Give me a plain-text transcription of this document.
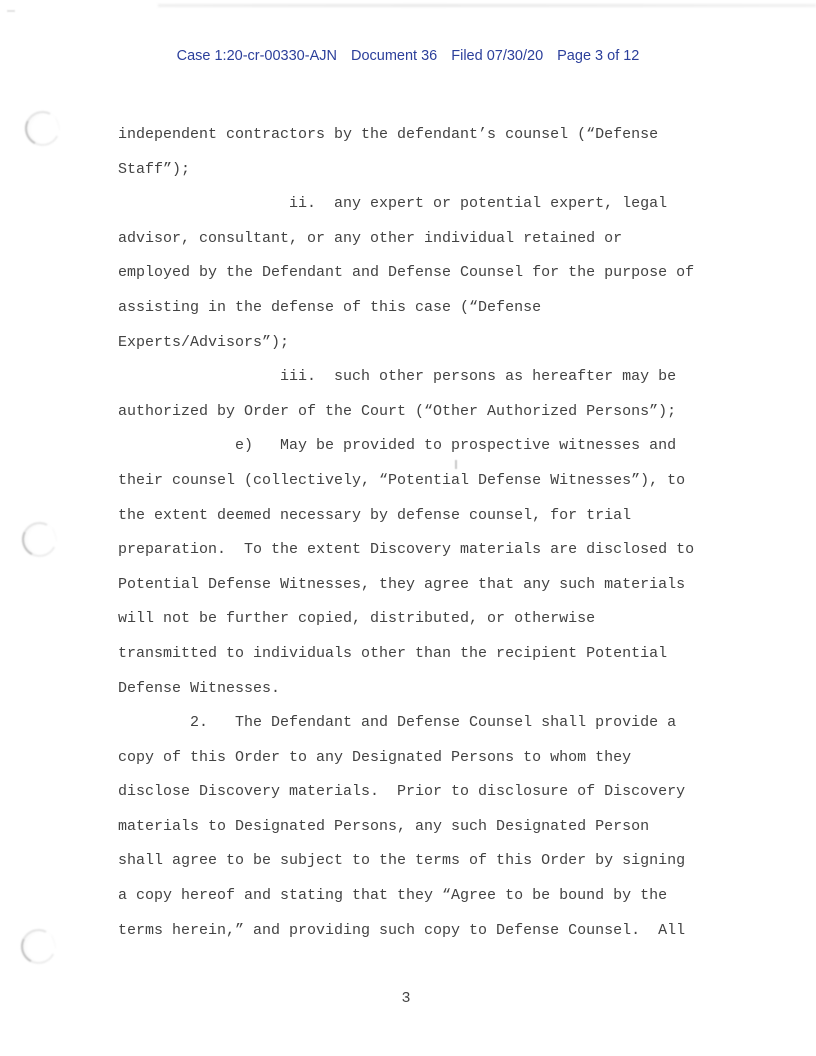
Case 1:20-cr-00330-AJN Document 36 Filed 07/30/20 Page 3 of 12
independent contractors by the defendant’s counsel (“Defense
Staff”);
ii.  any expert or potential expert, legal
advisor, consultant, or any other individual retained or
employed by the Defendant and Defense Counsel for the purpose of
assisting in the defense of this case (“Defense
Experts/Advisors”);
iii.  such other persons as hereafter may be
authorized by Order of the Court (“Other Authorized Persons”);
e)   May be provided to prospective witnesses and
their counsel (collectively, “Potential Defense Witnesses”), to
the extent deemed necessary by defense counsel, for trial
preparation.  To the extent Discovery materials are disclosed to
Potential Defense Witnesses, they agree that any such materials
will not be further copied, distributed, or otherwise
transmitted to individuals other than the recipient Potential
Defense Witnesses.
2.   The Defendant and Defense Counsel shall provide a
copy of this Order to any Designated Persons to whom they
disclose Discovery materials.  Prior to disclosure of Discovery
materials to Designated Persons, any such Designated Person
shall agree to be subject to the terms of this Order by signing
a copy hereof and stating that they “Agree to be bound by the
terms herein,” and providing such copy to Defense Counsel.  All
3
